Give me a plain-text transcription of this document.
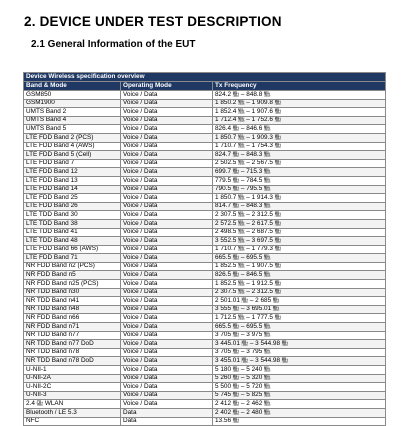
2. DEVICE UNDER TEST DESCRIPTION
2.1 General Information of the EUT
Device Wireless specification overview		
Band & Mode	Operating Mode	Tx Frequency
GSM850	Voice / Data	824.2 ㎒ – 848.8 ㎒
GSM1900	Voice / Data	1 850.2 ㎒ – 1 909.8 ㎒
UMTS Band 2	Voice / Data	1 852.4 ㎒ – 1 907.6 ㎒
UMTS Band 4	Voice / Data	1 712.4 ㎒ – 1 752.6 ㎒
UMTS Band 5	Voice / Data	826.4 ㎒ – 846.6 ㎒
LTE FDD Band 2 (PCS)	Voice / Data	1 850.7 ㎒ – 1 909.3 ㎒
LTE FDD Band 4 (AWS)	Voice / Data	1 710.7 ㎒ – 1 754.3 ㎒
LTE FDD Band 5 (Cell)	Voice / Data	824.7 ㎒ – 848.3 ㎒
LTE FDD Band 7	Voice / Data	2 502.5 ㎒ – 2 567.5 ㎒
LTE FDD Band 12	Voice / Data	699.7 ㎒ – 715.3 ㎒
LTE FDD Band 13	Voice / Data	779.5 ㎒ – 784.5 ㎒
LTE FDD Band 14	Voice / Data	790.5 ㎒ – 795.5 ㎒
LTE FDD Band 25	Voice / Data	1 850.7 ㎒ – 1 914.3 ㎒
LTE FDD Band 26	Voice / Data	814.7 ㎒ – 848.3 ㎒
LTE TDD Band 30	Voice / Data	2 307.5 ㎒ – 2 312.5 ㎒
LTE TDD Band 38	Voice / Data	2 572.5 ㎒ – 2 617.5 ㎒
LTE TDD Band 41	Voice / Data	2 498.5 ㎒ – 2 687.5 ㎒
LTE TDD Band 48	Voice / Data	3 552.5 ㎒ – 3 697.5 ㎒
LTE FDD Band 66 (AWS)	Voice / Data	1 710.7 ㎒ – 1 779.3 ㎒
LTE FDD Band 71	Voice / Data	665.5 ㎒ – 695.5 ㎒
NR FDD Band n2 (PCS)	Voice / Data	1 852.5 ㎒ – 1 907.5 ㎒
NR FDD Band n5	Voice / Data	826.5 ㎒ – 846.5 ㎒
NR FDD Band n25 (PCS)	Voice / Data	1 852.5 ㎒ – 1 912.5 ㎒
NR TDD Band n30	Voice / Data	2 307.5 ㎒ – 2 312.5 ㎒
NR TDD Band n41	Voice / Data	2 501.01 ㎒ – 2 685 ㎒
NR TDD Band n48	Voice / Data	3 555 ㎒ – 3 695.01 ㎒
NR FDD Band n66	Voice / Data	1 712.5 ㎒ – 1 777.5 ㎒
NR FDD Band n71	Voice / Data	665.5 ㎒ – 695.5 ㎒
NR TDD Band n77	Voice / Data	3 705 ㎒ – 3 975 ㎒
NR TDD Band n77 DoD	Voice / Data	3 445.01 ㎒ – 3 544.98 ㎒
NR TDD Band n78	Voice / Data	3 705 ㎒ – 3 795 ㎒
NR TDD Band n78 DoD	Voice / Data	3 455.01 ㎒ – 3 544.98 ㎒
U-NII-1	Voice / Data	5 180 ㎒ – 5 240 ㎒
U-NII-2A	Voice / Data	5 260 ㎒ – 5 320 ㎒
U-NII-2C	Voice / Data	5 500 ㎒ – 5 720 ㎒
U-NII-3	Voice / Data	5 745 ㎒ – 5 825 ㎒
2.4 ㎓ WLAN	Voice / Data	2 412 ㎒ – 2 462 ㎒
Bluetooth / LE 5.3	Data	2 402 ㎒ – 2 480 ㎒
NFC	Data	13.56 ㎒
